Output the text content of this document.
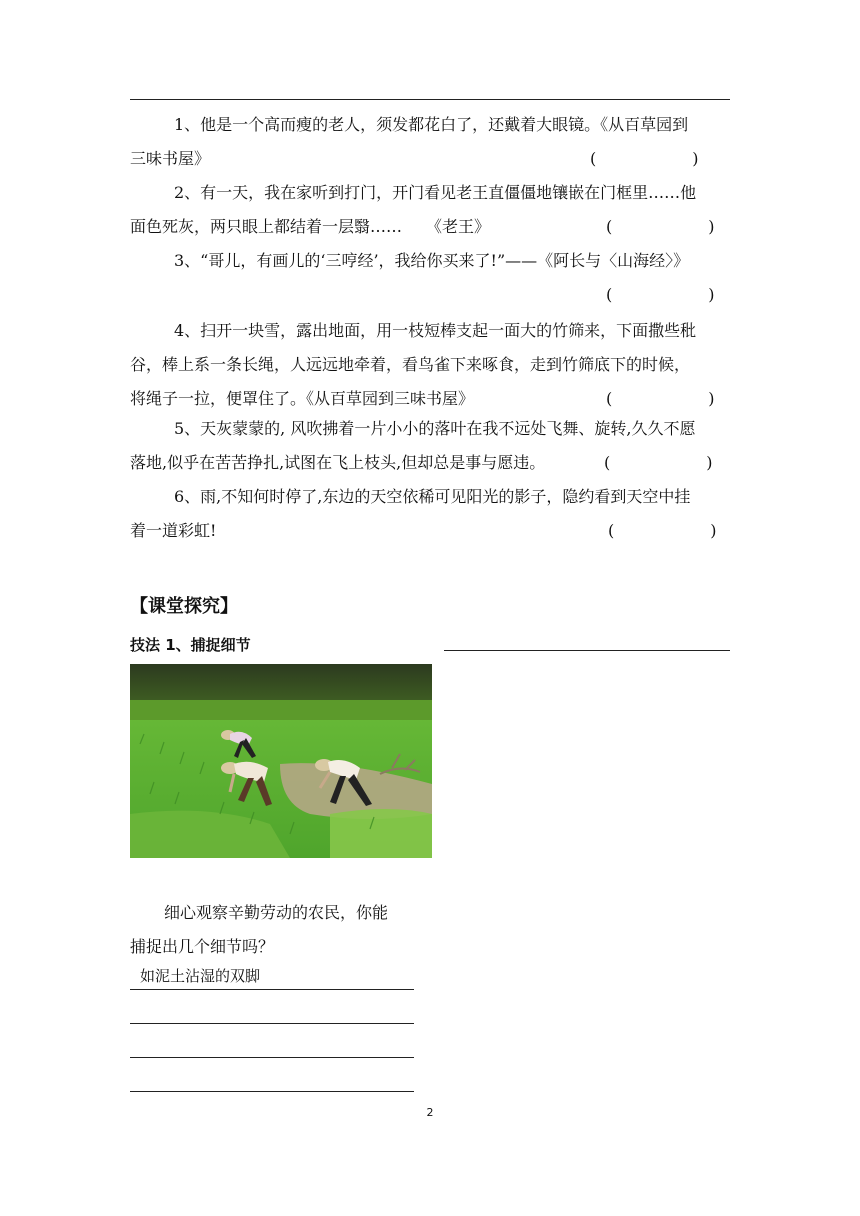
1、他是一个高而瘦的老人，须发都花白了，还戴着大眼镜。《从百草园到
三味书屋》	(　　　　　　)
2、有一天，我在家听到打门，开门看见老王直僵僵地镶嵌在门框里……他
面色死灰，两只眼上都结着一层翳……　　《老王》	(　　　　　　)
3、“哥儿，有画儿的‘三哼经’，我给你买来了!”——《阿长与〈山海经〉》
(　　　　　　)
4、扫开一块雪，露出地面，用一枝短棒支起一面大的竹筛来，下面撒些秕
谷，棒上系一条长绳，人远远地牵着，看鸟雀下来啄食，走到竹筛底下的时候，
将绳子一拉，便罩住了。《从百草园到三味书屋》	(　　　　　　)
5、天灰蒙蒙的, 风吹拂着一片小小的落叶在我不远处飞舞、旋转,久久不愿
落地,似乎在苦苦挣扎,试图在飞上枝头,但却总是事与愿违。	(　　　　　　)
6、雨,不知何时停了,东边的天空依稀可见阳光的影子，隐约看到天空中挂
着一道彩虹!	(　　　　　　)
【课堂探究】
技法 1、捕捉细节
细心观察辛勤劳动的农民，你能
捕捉出几个细节吗？
如泥土沾湿的双脚
2
